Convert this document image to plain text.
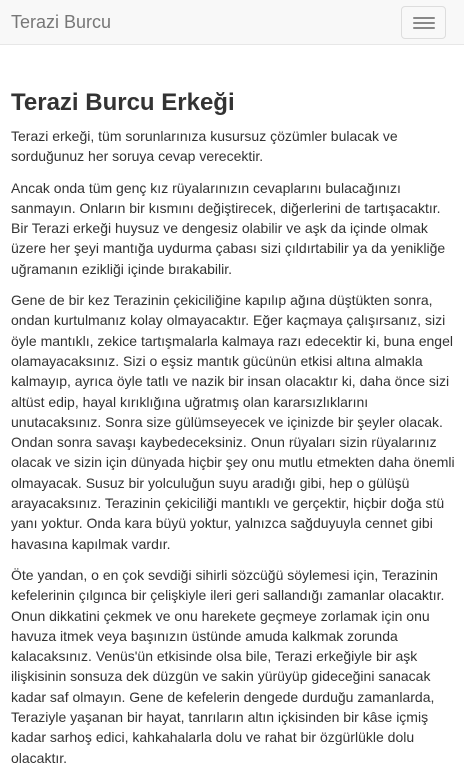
Terazi Burcu
Terazi Burcu Erkeği

Terazi erkeği, tüm sorunlarınıza kusursuz çözümler bulacak ve sorduğunuz her soruya cevap verecektir.

Ancak onda tüm genç kız rüyalarınızın cevaplarını bulacağınızı sanmayın. Onların bir kısmını değiştirecek, diğerlerini de tartışacaktır. Bir Terazi erkeği huysuz ve dengesiz olabilir ve aşk da içinde olmak üzere her şeyi mantığa uydurma çabası sizi çıldırtabilir ya da yenikliğe uğramanın ezikliği içinde bırakabilir.

Gene de bir kez Terazinin çekiciliğine kapılıp ağına düştükten sonra, ondan kurtulmanız kolay olmayacaktır. Eğer kaçmaya çalışırsanız, sizi öyle mantıklı, zekice tartışmalarla kalmaya razı edecektir ki, buna engel olamayacaksınız. Sizi o eşsiz mantık gücünün etkisi altına almakla kalmayıp, ayrıca öyle tatlı ve nazik bir insan olacaktır ki, daha önce sizi altüst edip, hayal kırıklığına uğratmış olan kararsızlıklarını unutacaksınız. Sonra size gülümseyecek ve içinizde bir şeyler olacak. Ondan sonra savaşı kaybedeceksiniz. Onun rüyaları sizin rüyalarınız olacak ve sizin için dünyada hiçbir şey onu mutlu etmekten daha önemli olmayacak. Susuz bir yolculuğun suyu aradığı gibi, hep o gülüşü arayacaksınız. Terazinin çekiciliği mantıklı ve gerçektir, hiçbir doğa stü yanı yoktur. Onda kara büyü yoktur, yalnızca sağduyuyla cennet gibi havasına kapılmak vardır.

Öte yandan, o en çok sevdiği sihirli sözcüğü söylemesi için, Terazinin kefelerinin çılgınca bir çelişkiyle ileri geri sallandığı zamanlar olacaktır. Onun dikkatini çekmek ve onu harekete geçmeye zorlamak için onu havuza itmek veya başınızın üstünde amuda kalkmak zorunda kalacaksınız. Venüs'ün etkisinde olsa bile, Terazi erkeğiyle bir aşk ilişkisinin sonsuza dek düzgün ve sakin yürüyüp gideceğini sanacak kadar saf olmayın. Gene de kefelerin dengede durduğu zamanlarda, Teraziyle yaşanan bir hayat, tanrıların altın içkisinden bir kâse içmiş kadar sarhoş edici, kahkahalarla dolu ve rahat bir özgürlükle dolu olacaktır.
